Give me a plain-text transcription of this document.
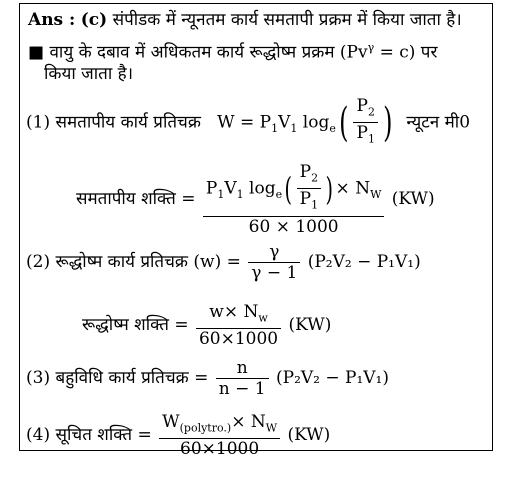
Ans : (c) संपीडक में न्यूनतम कार्य समतापी प्रक्रम में किया जाता है।
■ वायु के दबाव में अधिकतम कार्य रूद्धोष्म प्रक्रम $(Pv^\gamma = c)$ पर
किया जाता है।
(1) समतापीय कार्य प्रतिचक्र $W = P_1V_1$ $\log_e( \frac{P_2}{P_1}$ ) न्यूटन मी0
समतापीय शक्ति = $\frac{P_1V_1 \log_e( \frac{P_2}{P_1} ) \times N_W}{60 \times 1000} (KW)$
(2) रूद्धोष्म कार्य प्रतिचक्र $(w) = \frac{\gamma}{\gamma - 1} (P_2V_2 - P_1V_1)$
रूद्धोष्म शक्ति = $\frac{w\times N_w}{60\times 1000} (KW)$
(3) बहुविधि कार्य प्रतिचक्र = $\frac{n}{n - 1} (P_2V_2 - P_1V_1)$
(4) सूचित शक्ति = $\frac{W_{(polytro.)}\times N_W}{60\times 1000} (KW)$
